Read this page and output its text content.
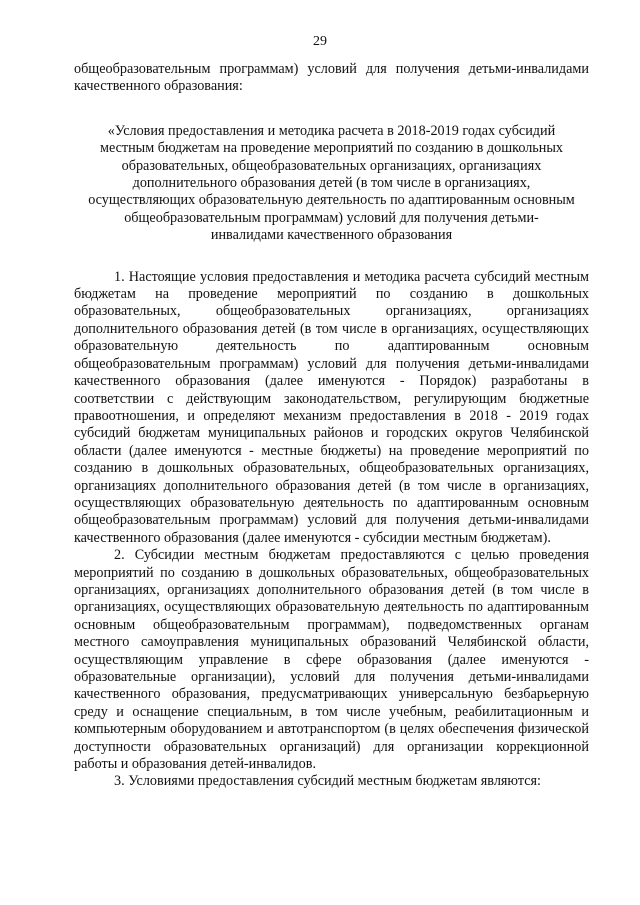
29

общеобразовательным программам) условий для получения детьми-инвалидами качественного образования:

«Условия предоставления и методика расчета в 2018-2019 годах субсидий
местным бюджетам на проведение мероприятий по созданию в дошкольных
образовательных, общеобразовательных организациях, организациях
дополнительного образования детей (в том числе в организациях,
осуществляющих образовательную деятельность по адаптированным основным
общеобразовательным программам) условий для получения детьми-
инвалидами качественного образования

1. Настоящие условия предоставления и методика расчета субсидий местным бюджетам на проведение мероприятий по созданию в дошкольных образовательных, общеобразовательных организациях, организациях дополнительного образования детей (в том числе в организациях, осуществляющих образовательную деятельность по адаптированным основным общеобразовательным программам) условий для получения детьми-инвалидами качественного образования (далее именуются - Порядок) разработаны в соответствии с действующим законодательством, регулирующим бюджетные правоотношения, и определяют механизм предоставления в 2018 - 2019 годах субсидий бюджетам муниципальных районов и городских округов Челябинской области (далее именуются - местные бюджеты) на проведение мероприятий по созданию в дошкольных образовательных, общеобразовательных организациях, организациях дополнительного образования детей (в том числе в организациях, осуществляющих образовательную деятельность по адаптированным основным общеобразовательным программам) условий для получения детьми-инвалидами качественного образования (далее именуются - субсидии местным бюджетам).

2. Субсидии местным бюджетам предоставляются с целью проведения мероприятий по созданию в дошкольных образовательных, общеобразовательных организациях, организациях дополнительного образования детей (в том числе в организациях, осуществляющих образовательную деятельность по адаптированным основным общеобразовательным программам), подведомственных органам местного самоуправления муниципальных образований Челябинской области, осуществляющим управление в сфере образования (далее именуются - образовательные организации), условий для получения детьми-инвалидами качественного образования, предусматривающих универсальную безбарьерную среду и оснащение специальным, в том числе учебным, реабилитационным и компьютерным оборудованием и автотранспортом (в целях обеспечения физической доступности образовательных организаций) для организации коррекционной работы и образования детей-инвалидов.

3. Условиями предоставления субсидий местным бюджетам являются:
